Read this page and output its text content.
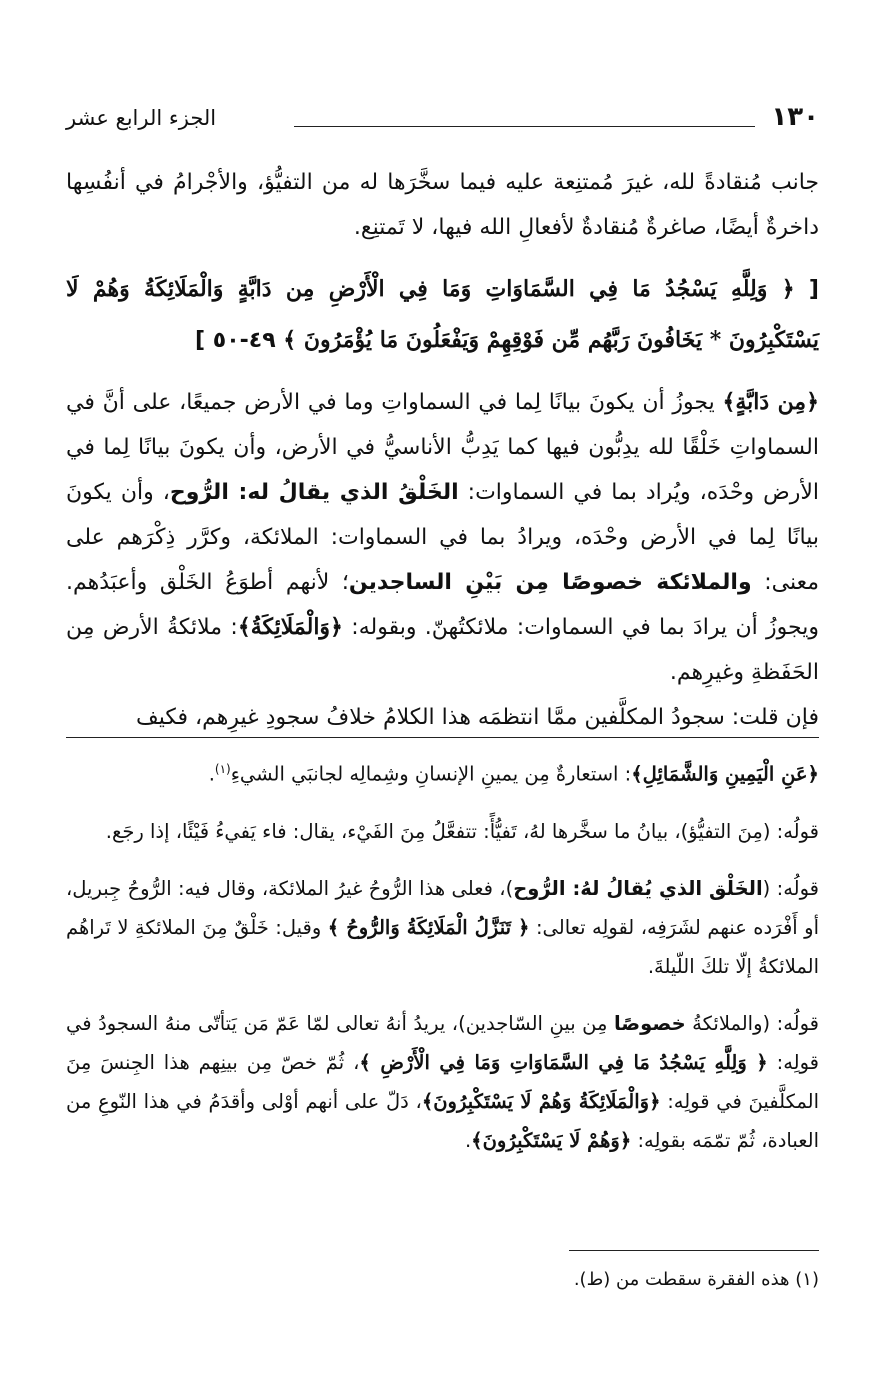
١٣٠
الجزء الرابع عشر

جانب مُنقادةً لله، غيرَ مُمتنِعة عليه فيما سخَّرَها له من التفيُّؤ، والأجْرامُ في أنفُسِها داخرةٌ أيضًا، صاغرةٌ مُنقادةٌ لأفعالِ الله فيها، لا تَمتنِع.

[ ﴿ وَلِلَّهِ يَسْجُدُ مَا فِي السَّمَاوَاتِ وَمَا فِي الْأَرْضِ مِن دَابَّةٍ وَالْمَلَائِكَةُ وَهُمْ لَا يَسْتَكْبِرُونَ * يَخَافُونَ رَبَّهُم مِّن فَوْقِهِمْ وَيَفْعَلُونَ مَا يُؤْمَرُونَ ﴾ ٤٩-٥٠ ]

﴿مِن دَابَّةٍ﴾ يجوزُ أن يكونَ بيانًا لِما في السماواتِ وما في الأرض جميعًا، على أنَّ في السماواتِ خَلْقًا لله يدِبُّون فيها كما يَدِبُّ الأناسيُّ في الأرض، وأن يكونَ بيانًا لِما في الأرض وحْدَه، ويُراد بما في السماوات: الخَلْقُ الذي يقالُ له: الرُّوح، وأن يكونَ بيانًا لِما في الأرض وحْدَه، ويرادُ بما في السماوات: الملائكة، وكرَّر ذِكْرَهم على معنى: والملائكة خصوصًا مِن بَيْنِ الساجدين؛ لأنهم أطوَعُ الخَلْق وأعبَدُهم. ويجوزُ أن يرادَ بما في السماوات: ملائكتُهنّ. وبقوله: ﴿وَالْمَلَائِكَةُ﴾: ملائكةُ الأرض مِن الحَفَظةِ وغيرِهم.
فإن قلت: سجودُ المكلَّفين ممَّا انتظمَه هذا الكلامُ خلافُ سجودِ غيرِهم، فكيف

﴿عَنِ الْيَمِينِ وَالشَّمَائِلِ﴾: استعارةٌ مِن يمينِ الإنسانِ وشِمالِه لجانبَي الشيءِ$^{(١)}$.

قولُه: (مِنَ التفيُّؤ)، بيانُ ما سخَّرها لهُ، تَفيُّأً: تتفعَّلُ مِنَ الفَيْء، يقال: فاء يَفيءُ فَيْئًا، إذا رجَع.

قولُه: (الخَلْق الذي يُقالُ لهُ: الرُّوح)، فعلى هذا الرُّوحُ غيرُ الملائكة، وقال فيه: الرُّوحُ جِبريل، أو أَفْرَده عنهم لشَرَفِه، لقولِه تعالى: ﴿ تَنَزَّلُ الْمَلَائِكَةُ وَالرُّوحُ ﴾ وقيل: خَلْقٌ مِنَ الملائكةِ لا تَراهُم الملائكةُ إلّا تلكَ اللّيلةَ.

قولُه: (والملائكةُ خصوصًا مِن بينِ السّاجدين)، يريدُ أنهُ تعالى لمّا عَمّ مَن يَتأتّى منهُ السجودُ في قولِه: ﴿ وَلِلَّهِ يَسْجُدُ مَا فِي السَّمَاوَاتِ وَمَا فِي الْأَرْضِ ﴾، ثُمّ خصّ مِن بينِهم هذا الجِنسَ مِنَ المكلَّفينَ في قولِه: ﴿وَالْمَلَائِكَةُ وَهُمْ لَا يَسْتَكْبِرُونَ﴾، دَلّ على أنهم أوْلى وأقدَمُ في هذا النّوعِ من العبادة، ثُمّ تمّمَه بقولِه: ﴿وَهُمْ لَا يَسْتَكْبِرُونَ﴾.

(١) هذه الفقرة سقطت من (ط).
